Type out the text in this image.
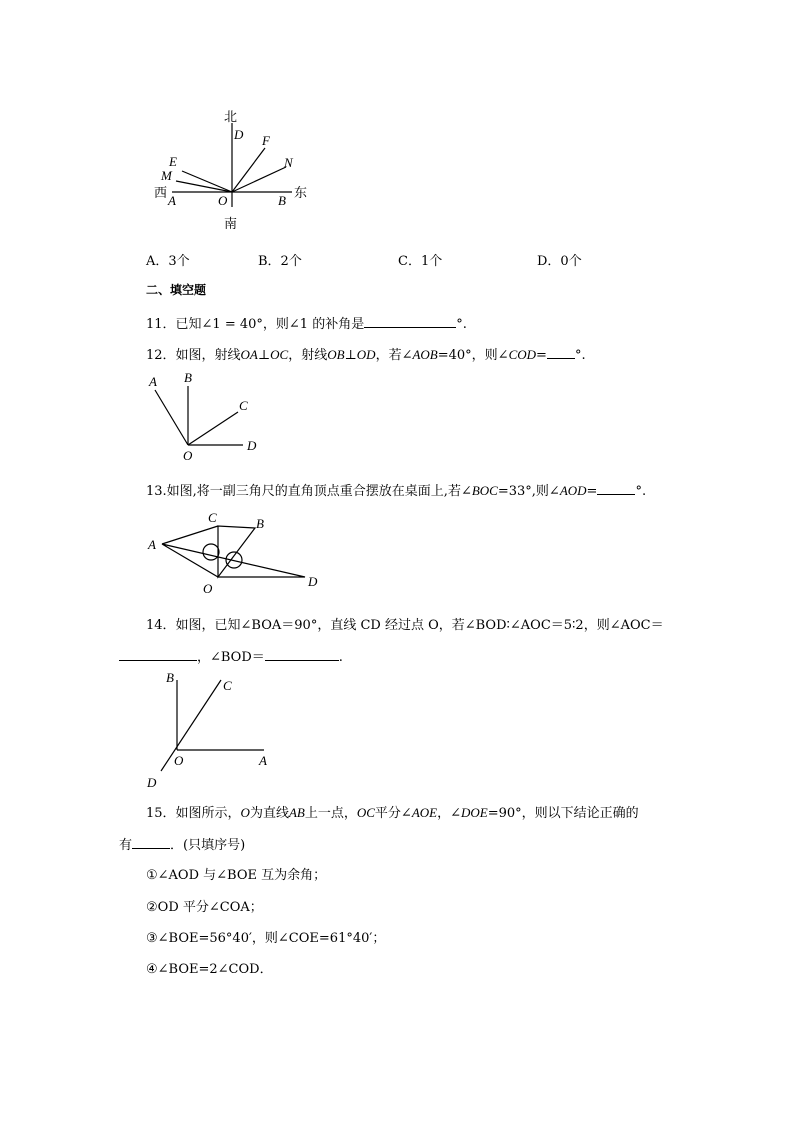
北
南
东
西
D F
N
E
M
A	O	B
A．3个	B．2个	C．1个	D．0个
二、填空题
11．已知∠1 = 40°，则∠1 的补角是	°.
12．如图，射线OA⊥OC，射线OB⊥OD，若∠AOB=40°，则∠COD= °.
A B
C
D
O
13.如图,将一副三角尺的直角顶点重合摆放在桌面上,若∠BOC=33°,则∠AOD=	°.
A
C	B
O	D
14．如图，已知∠BOA＝90°，直线 CD 经过点 O，若∠BOD∶∠AOC＝5∶2，则∠AOC＝
，∠BOD＝	.
B
C
O	A
D
15．如图所示，O为直线AB上一点，OC平分∠AOE，∠DOE=90°，则以下结论正确的
有	．(只填序号)
①∠AOD 与∠BOE 互为余角；
②OD 平分∠COA；
③∠BOE=56°40′，则∠COE=61°40′；
④∠BOE=2∠COD．
